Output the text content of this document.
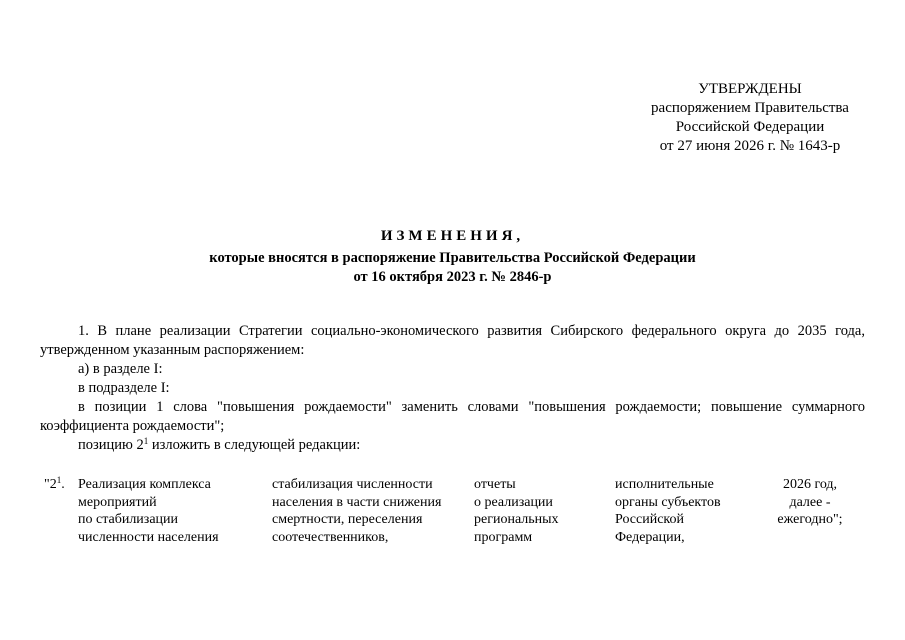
УТВЕРЖДЕНЫ
распоряжением Правительства
Российской Федерации
от 27 июня 2026 г. № 1643-р
ИЗМЕНЕНИЯ,
которые вносятся в распоряжение Правительства Российской Федерации
от 16 октября 2023 г. № 2846-р
1. В плане реализации Стратегии социально-экономического развития Сибирского федерального округа до 2035 года, утвержденном указанным распоряжением:
а) в разделе I:
в подразделе I:
в позиции 1 слова "повышения рождаемости" заменить словами "повышения рождаемости; повышение суммарного коэффициента рождаемости";
позицию $2^1$ изложить в следующей редакции:
"$2^1$. Реализация комплекса
мероприятий
по стабилизации
численности населения
стабилизация численности
населения в части снижения
смертности, переселения
соотечественников,
отчеты
о реализации
региональных
программ
исполнительные
органы субъектов
Российской
Федерации,
2026 год,
далее -
ежегодно";
